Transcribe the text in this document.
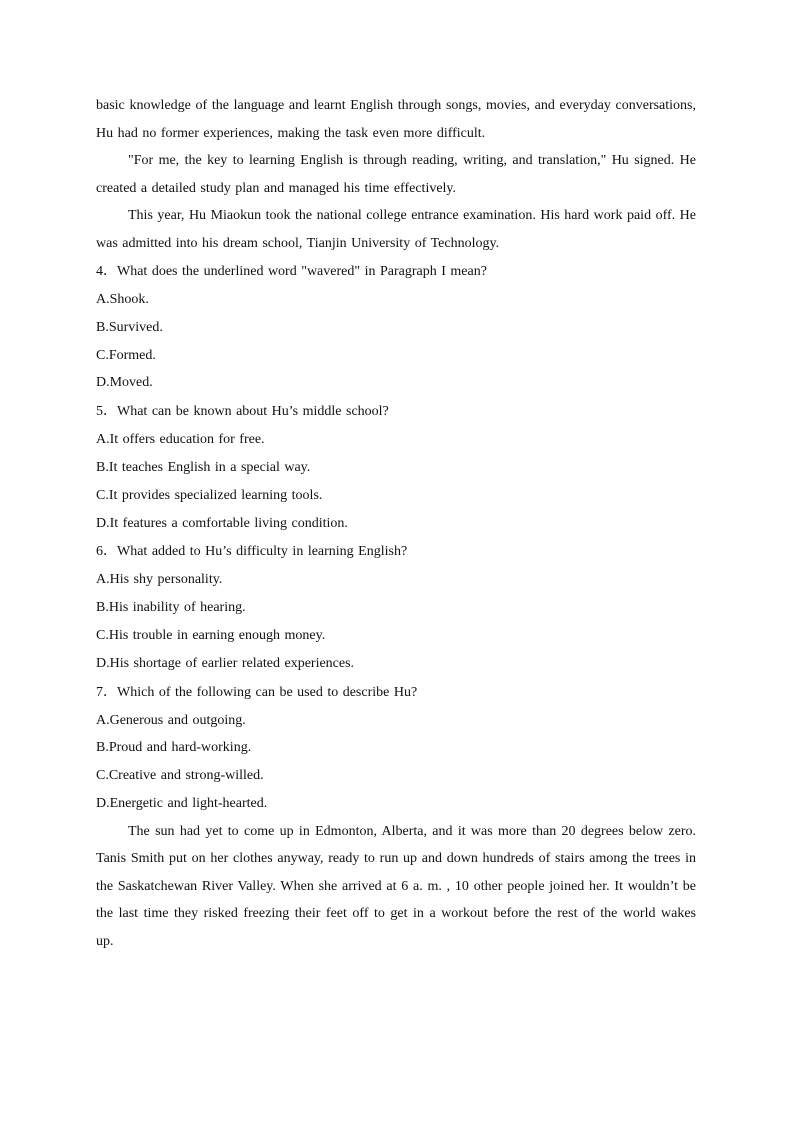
basic knowledge of the language and learnt English through songs, movies, and everyday conversations, Hu had no former experiences, making the task even more difficult.

"For me, the key to learning English is through reading, writing, and translation," Hu signed. He created a detailed study plan and managed his time effectively.

This year, Hu Miaokun took the national college entrance examination. His hard work paid off. He was admitted into his dream school, Tianjin University of Technology.

4．What does the underlined word "wavered" in Paragraph I mean?

A.Shook.

B.Survived.

C.Formed.

D.Moved.

5．What can be known about Hu’s middle school?

A.It offers education for free.

B.It teaches English in a special way.

C.It provides specialized learning tools.

D.It features a comfortable living condition.

6．What added to Hu’s difficulty in learning English?

A.His shy personality.

B.His inability of hearing.

C.His trouble in earning enough money.

D.His shortage of earlier related experiences.

7．Which of the following can be used to describe Hu?

A.Generous and outgoing.

B.Proud and hard-working.

C.Creative and strong-willed.

D.Energetic and light-hearted.

The sun had yet to come up in Edmonton, Alberta, and it was more than 20 degrees below zero. Tanis Smith put on her clothes anyway, ready to run up and down hundreds of stairs among the trees in the Saskatchewan River Valley. When she arrived at 6 a. m. , 10 other people joined her. It wouldn’t be the last time they risked freezing their feet off to get in a workout before the rest of the world wakes up.
